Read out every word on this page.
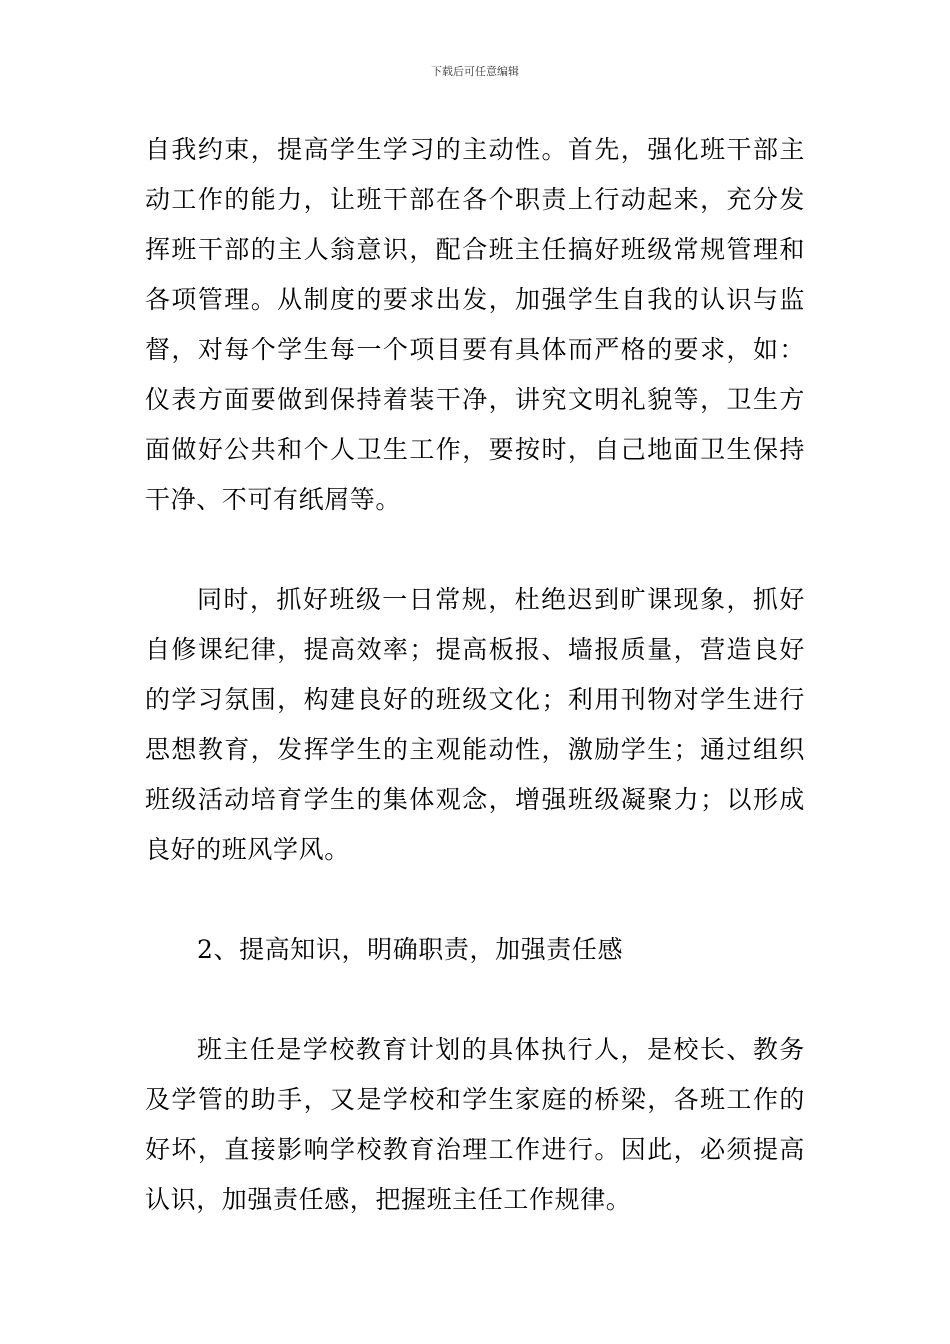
下载后可任意编辑

自我约束，提高学生学习的主动性。首先，强化班干部主动工作的能力，让班干部在各个职责上行动起来，充分发挥班干部的主人翁意识，配合班主任搞好班级常规管理和各项管理。从制度的要求出发，加强学生自我的认识与监督，对每个学生每一个项目要有具体而严格的要求，如：仪表方面要做到保持着装干净，讲究文明礼貌等，卫生方面做好公共和个人卫生工作，要按时，自己地面卫生保持干净、不可有纸屑等。

同时，抓好班级一日常规，杜绝迟到旷课现象，抓好自修课纪律，提高效率；提高板报、墙报质量，营造良好的学习氛围，构建良好的班级文化；利用刊物对学生进行思想教育，发挥学生的主观能动性，激励学生；通过组织班级活动培育学生的集体观念，增强班级凝聚力；以形成良好的班风学风。

2、提高知识，明确职责，加强责任感

班主任是学校教育计划的具体执行人，是校长、教务及学管的助手，又是学校和学生家庭的桥梁，各班工作的好坏，直接影响学校教育治理工作进行。因此，必须提高认识，加强责任感，把握班主任工作规律。
